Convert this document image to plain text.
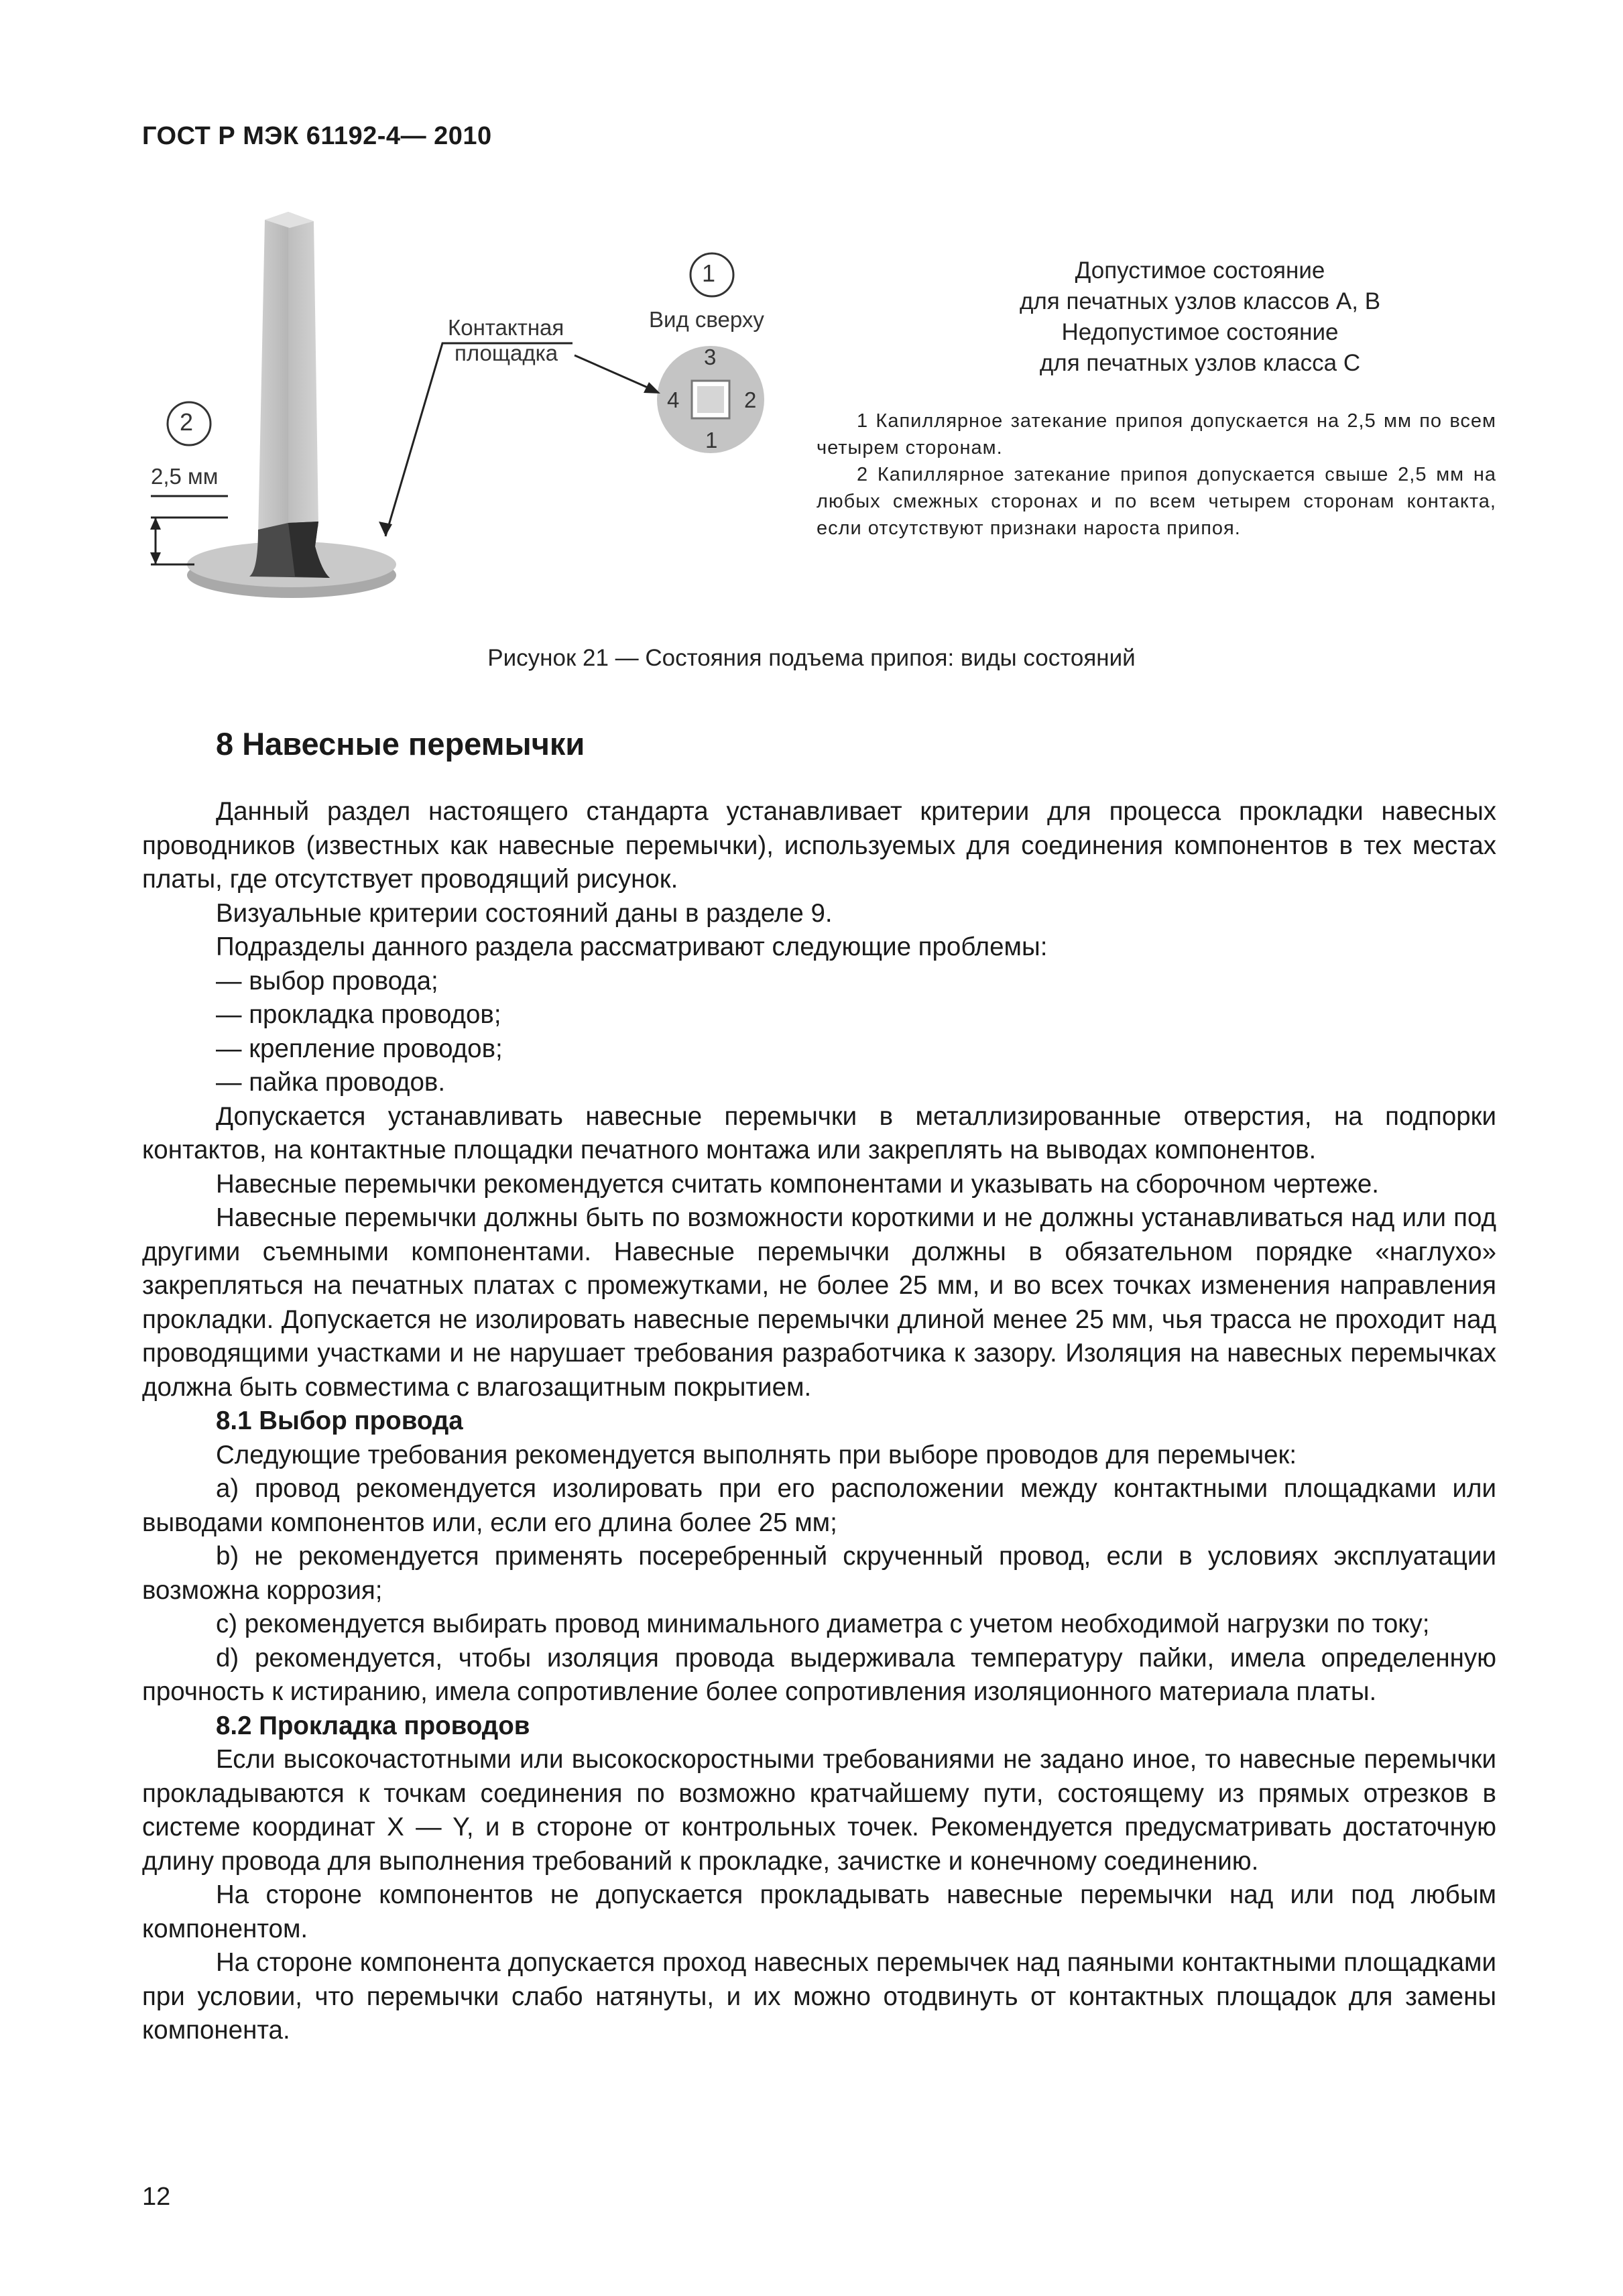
ГОСТ Р МЭК 61192-4— 2010
1
2
Контактная
площадка
Вид сверху
2,5 мм
3
4	2
1
Допустимое состояние
для печатных узлов классов А, В
Недопустимое состояние
для печатных узлов класса С

1 Капиллярное затекание припоя допускается на 2,5 мм по всем четырем сторонам.

2 Капиллярное затекание припоя допускается свыше 2,5 мм на любых смежных сторонах и по всем четырем сторонам контакта, если отсутствуют признаки нароста припоя.

Рисунок 21 — Состояния подъема припоя: виды состояний
8 Навесные перемычки

Данный раздел настоящего стандарта устанавливает критерии для процесса прокладки навесных проводников (известных как навесные перемычки), используемых для соединения компонентов в тех местах платы, где отсутствует проводящий рисунок.

Визуальные критерии состояний даны в разделе 9.

Подразделы данного раздела рассматривают следующие проблемы:

— выбор провода;

— прокладка проводов;

— крепление проводов;

— пайка проводов.

Допускается устанавливать навесные перемычки в металлизированные отверстия, на подпорки контактов, на контактные площадки печатного монтажа или закреплять на выводах компонентов.

Навесные перемычки рекомендуется считать компонентами и указывать на сборочном чертеже.

Навесные перемычки должны быть по возможности короткими и не должны устанавливаться над или под другими съемными компонентами. Навесные перемычки должны в обязательном порядке «наглухо» закрепляться на печатных платах с промежутками, не более 25 мм, и во всех точках изменения направления прокладки. Допускается не изолировать навесные перемычки длиной менее 25 мм, чья трасса не проходит над проводящими участками и не нарушает требования разработчика к зазору. Изоляция на навесных перемычках должна быть совместима с влагозащитным покрытием.

8.1 Выбор провода

Следующие требования рекомендуется выполнять при выборе проводов для перемычек:

a) провод рекомендуется изолировать при его расположении между контактными площадками или выводами компонентов или, если его длина более 25 мм;

b) не рекомендуется применять посеребренный скрученный провод, если в условиях эксплуатации возможна коррозия;

c) рекомендуется выбирать провод минимального диаметра с учетом необходимой нагрузки по току;

d) рекомендуется, чтобы изоляция провода выдерживала температуру пайки, имела определенную прочность к истиранию, имела сопротивление более сопротивления изоляционного материала платы.

8.2 Прокладка проводов

Если высокочастотными или высокоскоростными требованиями не задано иное, то навесные перемычки прокладываются к точкам соединения по возможно кратчайшему пути, состоящему из прямых отрезков в системе координат X — Y, и в стороне от контрольных точек. Рекомендуется предусматривать достаточную длину провода для выполнения требований к прокладке, зачистке и конечному соединению.

На стороне компонентов не допускается прокладывать навесные перемычки над или под любым компонентом.

На стороне компонента допускается проход навесных перемычек над паяными контактными площадками при условии, что перемычки слабо натянуты, и их можно отодвинуть от контактных площадок для замены компонента.

12
